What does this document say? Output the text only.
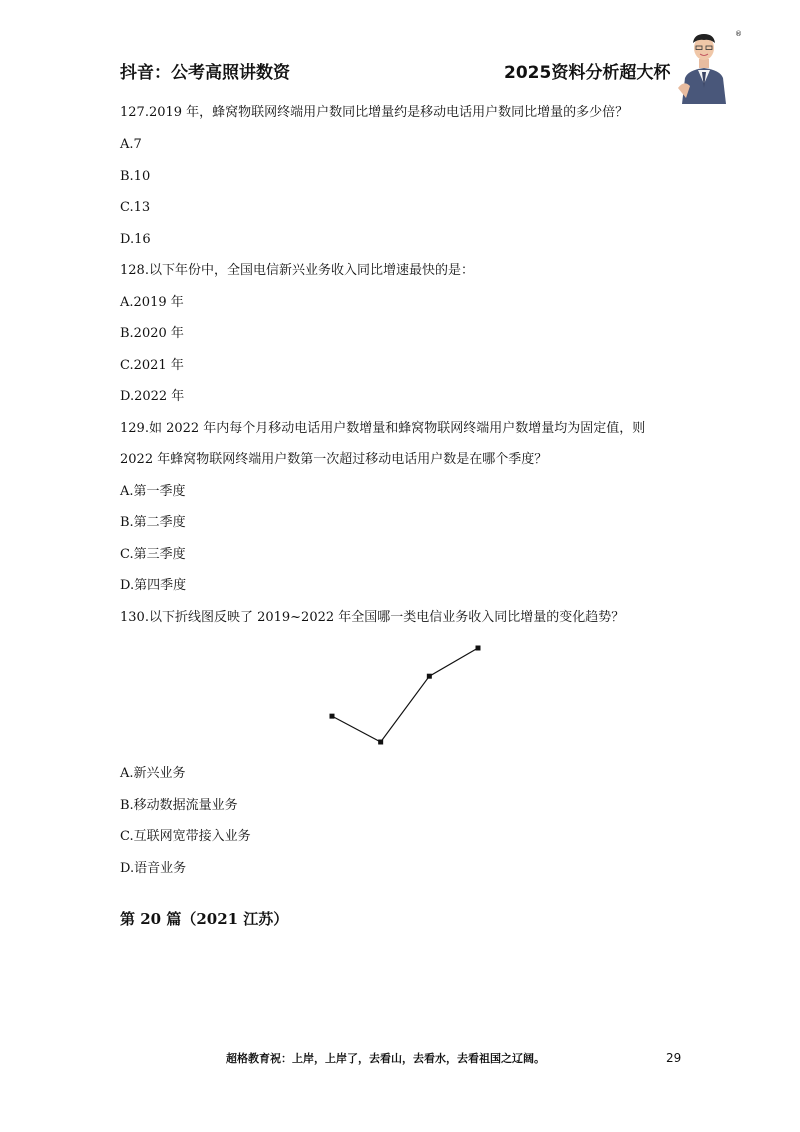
抖音：公考高照讲数资	2025资料分析超大杯
®
127.2019 年，蜂窝物联网终端用户数同比增量约是移动电话用户数同比增量的多少倍？
A.7
B.10
C.13
D.16
128.以下年份中，全国电信新兴业务收入同比增速最快的是：
A.2019 年
B.2020 年
C.2021 年
D.2022 年
129.如 2022 年内每个月移动电话用户数增量和蜂窝物联网终端用户数增量均为固定值，则
2022 年蜂窝物联网终端用户数第一次超过移动电话用户数是在哪个季度？
A.第一季度
B.第二季度
C.第三季度
D.第四季度
130.以下折线图反映了 2019~2022 年全国哪一类电信业务收入同比增量的变化趋势？
A.新兴业务
B.移动数据流量业务
C.互联网宽带接入业务
D.语音业务
第 20 篇（2021 江苏）
超格教育祝：上岸，上岸了，去看山，去看水，去看祖国之辽阔。	29
